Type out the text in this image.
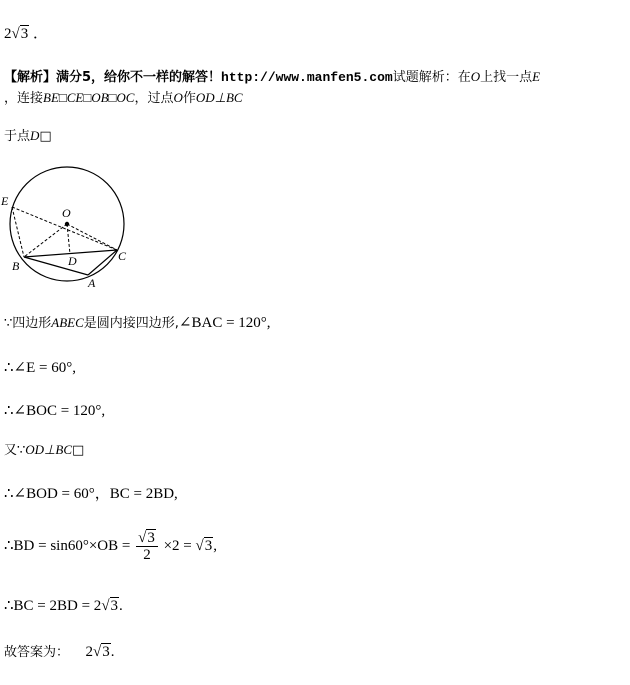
2√3 ．
【解析】满分5，给你不一样的解答！http://www.manfen5.com试题解析：在O上找一点E
，连接BE□CE□OB□OC，过点O作OD⊥BC
于点D□
E
O
B	D	C
A
∵四边形ABEC是圆内接四边形,∠BAC = 120°,
∴∠E = 60°,
∴∠BOC = 120°,
又∵OD⊥BC□
∴∠BOD = 60°，BC = 2BD,
∴BD = $\sin 60^\circ\times OB = \frac{√3}{2} \times 2 = √3$,
∴BC = 2BD = 2√3.
故答案为： 2√3.
